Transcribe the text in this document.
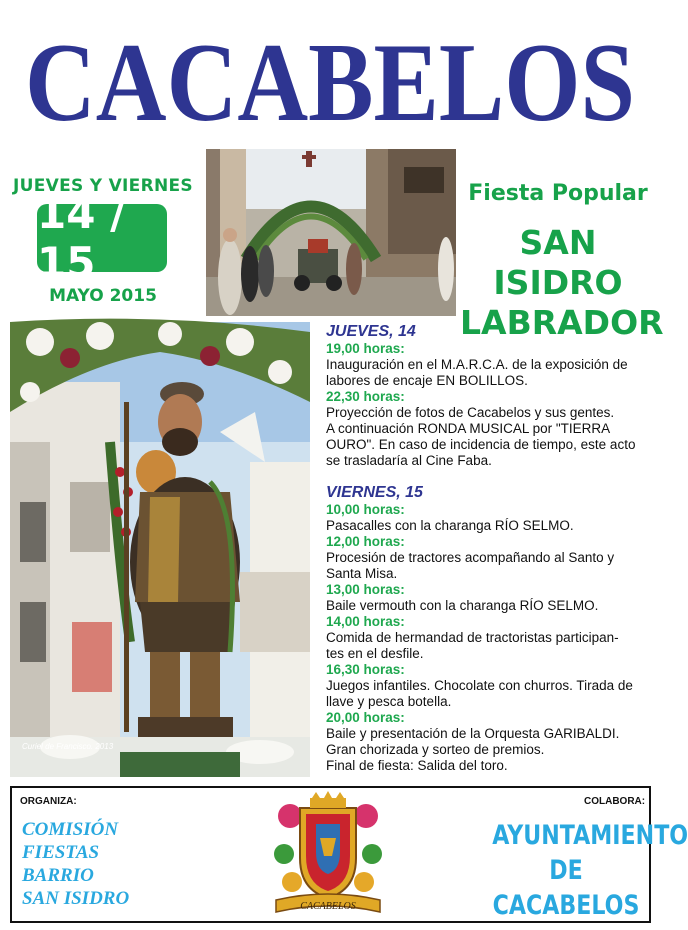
CACABELOS
JUEVES Y VIERNES
14 / 15
MAYO 2015
Fiesta Popular
SAN ISIDRO
LABRADOR
Curiel de Francisco. 2013
JUEVES, 14
19,00 horas:
Inauguración en el M.A.R.C.A. de la exposición de
labores de encaje EN BOLILLOS.
22,30 horas:
Proyección de fotos de Cacabelos y sus gentes.
A continuación RONDA MUSICAL por "TIERRA
OURO". En caso de incidencia de tiempo, este acto
se trasladaría al Cine Faba.
VIERNES, 15
10,00 horas:
Pasacalles con la charanga RÍO SELMO.
12,00 horas:
Procesión de tractores acompañando al Santo y
Santa Misa.
13,00 horas:
Baile vermouth con la charanga RÍO SELMO.
14,00 horas:
Comida de hermandad de tractoristas participan-
tes en el desfile.
16,30 horas:
Juegos infantiles. Chocolate con churros. Tirada de
llave y pesca botella.
20,00 horas:
Baile y presentación de la Orquesta GARIBALDI.
Gran chorizada y sorteo de premios.
Final de fiesta: Salida del toro.
ORGANIZA:	COLABORA:
COMISIÓN
FIESTAS
BARRIO
SAN ISIDRO
AYUNTAMIENTO
DE CACABELOS
CACABELOS
